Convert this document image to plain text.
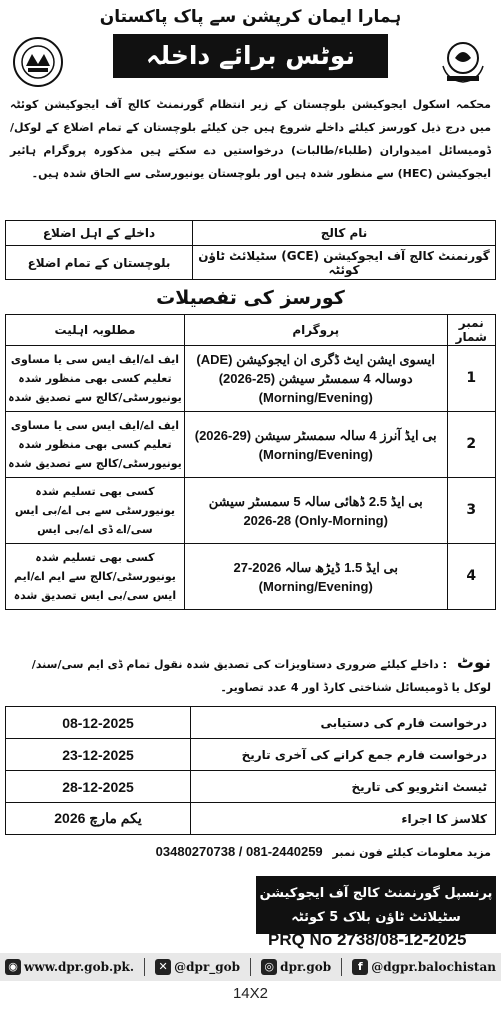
ہمارا ایمان کرپشن سے پاک پاکستان
نوٹس برائے داخلہ
محکمہ اسکول ایجوکیشن بلوچستان کے زیر انتظام گورنمنٹ کالج آف ایجوکیشن کوئٹہ میں درج ذیل کورسز کیلئے داخلے شروع ہیں جن کیلئے بلوچستان کے تمام اضلاع کے لوکل/ڈومیسائل امیدواران (طلباء/طالبات) درخواستیں دے سکتے ہیں مذکورہ پروگرام ہائیر ایجوکیشن (HEC) سے منظور شدہ ہیں اور بلوچستان یونیورسٹی سے الحاق شدہ ہیں۔
نام کالج	داخلے کے اہل اضلاع
گورنمنٹ کالج آف ایجوکیشن (GCE) سٹیلائٹ ٹاؤن کوئٹہ	بلوچستان کے تمام اضلاع
کورسز کی تفصیلات
نمبر شمار	پروگرام	مطلوبہ اہلیت
1	ایسوی ایشن ایٹ ڈگری ان ایجوکیشن (ADE)
دوسالہ 4 سمسٹر سیشن (25-2026)
(Morning/Evening)	ایف اے/ایف ایس سی یا مساوی تعلیم کسی بھی منظور شدہ یونیورسٹی/کالج سے تصدیق شدہ
2	بی ایڈ آنرز 4 سالہ سمسٹر سیشن (29-2026)
(Morning/Evening)	ایف اے/ایف ایس سی یا مساوی تعلیم کسی بھی منظور شدہ یونیورسٹی/کالج سے تصدیق شدہ
3	بی ایڈ 2.5 ڈھائی سالہ 5 سمسٹر سیشن
(Only-Morning) 2026-28	کسی بھی تسلیم شدہ یونیورسٹی سے بی اے/بی ایس سی/اے ڈی اے/بی ایس
4	بی ایڈ 1.5 ڈیڑھ سالہ 2026-27
(Morning/Evening)	کسی بھی تسلیم شدہ یونیورسٹی/کالج سے ایم اے/ایم ایس سی/بی ایس تصدیق شدہ
نوٹ : داخلے کیلئے ضروری دستاویزات کی تصدیق شدہ نقول تمام ڈی ایم سی/سند/لوکل یا ڈومیسائل شناختی کارڈ اور 4 عدد تصاویر۔
درخواست فارم کی دستیابی	08-12-2025
درخواست فارم جمع کرانے کی آخری تاریخ	23-12-2025
ٹیسٹ انٹرویو کی تاریخ	28-12-2025
کلاسز کا اجراء	یکم مارچ 2026
مزید معلومات کیلئے فون نمبر 03480270738 / 081-2440259
پرنسپل گورنمنٹ کالج آف ایجوکیشن
سٹیلائٹ ٹاؤن بلاک 5 کوئٹہ
PRQ No 2738/08-12-2025
◉ www.dpr.gob.pk.	✕ @dpr_gob ◎ dpr.gob	f @dgpr.balochistan
14X2
